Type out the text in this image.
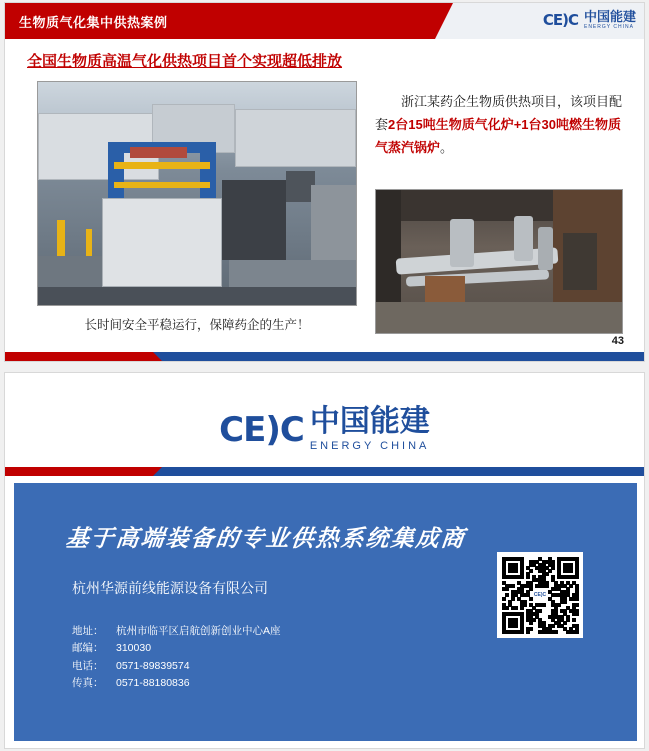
生物质气化集中供热案例	CE)C 中国能建
ENERGY CHINA
全国生物质高温气化供热项目首个实现超低排放
长时间安全平稳运行，保障药企的生产！
浙江某药企生物质供热项目，该项目配套2台15吨生物质气化炉+1台30吨燃生物质气蒸汽锅炉。
43
CE)C 中国能建
ENERGY CHINA
基于高端装备的专业供热系统集成商
杭州华源前线能源设备有限公司
地址： 杭州市临平区启航创新创业中心A座
邮编： 310030
电话： 0571-89839574
传真： 0571-88180836
CE)C
